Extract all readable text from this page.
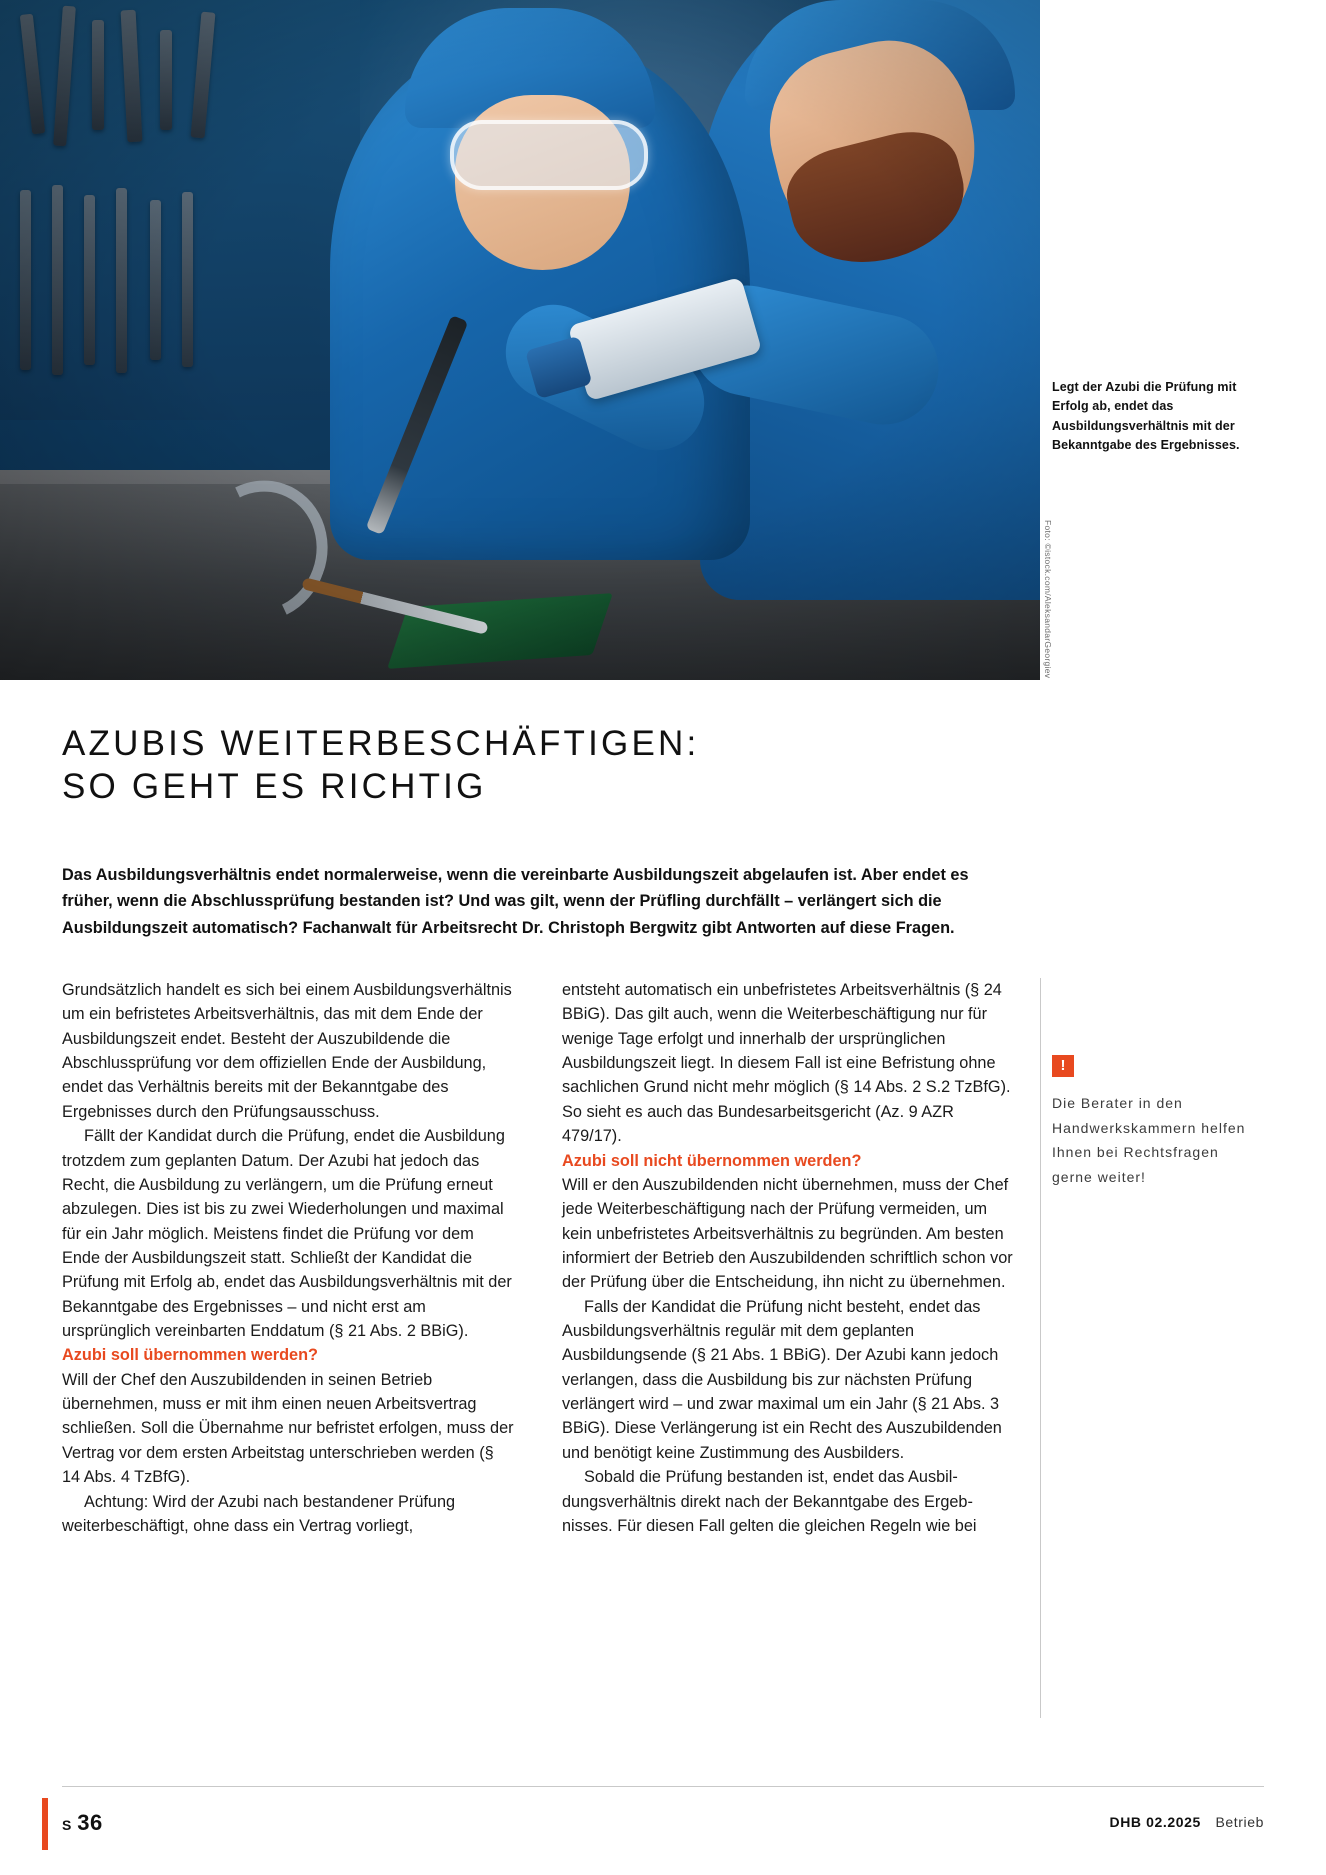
Legt der Azubi die Prüfung mit Erfolg ab, endet das Ausbildungsverhältnis mit der Bekanntgabe des Ergebnisses.
Foto: ©istock.com/AleksandarGeorgiev
AZUBIS WEITERBESCHÄFTIGEN:
SO GEHT ES RICHTIG
Das Ausbildungsverhältnis endet normalerweise, wenn die vereinbarte Ausbildungszeit abgelaufen ist. Aber endet es früher, wenn die Abschlussprüfung bestanden ist? Und was gilt, wenn der Prüfling durchfällt – verlängert sich die Ausbildungszeit automatisch? Fachanwalt für Arbeitsrecht Dr. Christoph Bergwitz gibt Antworten auf diese Fragen.

Grundsätzlich handelt es sich bei einem Ausbildungsverhältnis um ein befristetes Arbeitsverhältnis, das mit dem Ende der Ausbildungszeit endet. Besteht der Auszubildende die Abschlussprüfung vor dem offiziellen Ende der Ausbildung, endet das Verhältnis bereits mit der Bekanntgabe des Ergebnisses durch den Prüfungsausschuss.

Fällt der Kandidat durch die Prüfung, endet die Ausbildung trotzdem zum geplanten Datum. Der Azubi hat jedoch das Recht, die Ausbildung zu verlängern, um die Prüfung erneut abzulegen. Dies ist bis zu zwei Wiederholungen und maximal für ein Jahr möglich. Meistens findet die Prüfung vor dem Ende der Ausbildungszeit statt. Schließt der Kandidat die Prüfung mit Erfolg ab, endet das Ausbildungsverhältnis mit der Bekanntgabe des Ergebnisses – und nicht erst am ursprünglich vereinbarten Enddatum (§ 21 Abs. 2 BBiG).

Azubi soll übernommen werden?

Will der Chef den Auszubildenden in seinen Betrieb übernehmen, muss er mit ihm einen neuen Arbeitsvertrag schließen. Soll die Übernahme nur befristet erfolgen, muss der Vertrag vor dem ersten Arbeitstag unterschrieben werden (§ 14 Abs. 4 TzBfG).

Achtung: Wird der Azubi nach bestandener Prüfung weiterbeschäftigt, ohne dass ein Vertrag vorliegt,

entsteht automatisch ein unbefristetes Arbeitsverhältnis (§ 24 BBiG). Das gilt auch, wenn die Weiterbeschäftigung nur für wenige Tage erfolgt und innerhalb der ursprünglichen Ausbildungszeit liegt. In diesem Fall ist eine Befristung ohne sachlichen Grund nicht mehr möglich (§ 14 Abs. 2 S.2 TzBfG). So sieht es auch das Bundesarbeitsgericht (Az. 9 AZR 479/17).

Azubi soll nicht übernommen werden?

Will er den Auszubildenden nicht übernehmen, muss der Chef jede Weiterbeschäftigung nach der Prüfung vermeiden, um kein unbefristetes Arbeitsverhältnis zu begründen. Am besten informiert der Betrieb den Auszubildenden schriftlich schon vor der Prüfung über die Entscheidung, ihn nicht zu übernehmen.

Falls der Kandidat die Prüfung nicht besteht, endet das Ausbildungsverhältnis regulär mit dem geplanten Ausbildungsende (§ 21 Abs. 1 BBiG). Der Azubi kann jedoch verlangen, dass die Ausbildung bis zur nächsten Prüfung verlängert wird – und zwar maximal um ein Jahr (§ 21 Abs. 3 BBiG). Diese Verlängerung ist ein Recht des Auszubildenden und benötigt keine Zustimmung des Ausbilders.

Sobald die Prüfung bestanden ist, endet das Ausbildungsverhältnis direkt nach der Bekanntgabe des Ergebnisses. Für diesen Fall gelten die gleichen Regeln wie bei

!
Die Berater in den Handwerkskammern helfen Ihnen bei Rechtsfragen gerne weiter!
S 36	DHB 02.2025 Betrieb
